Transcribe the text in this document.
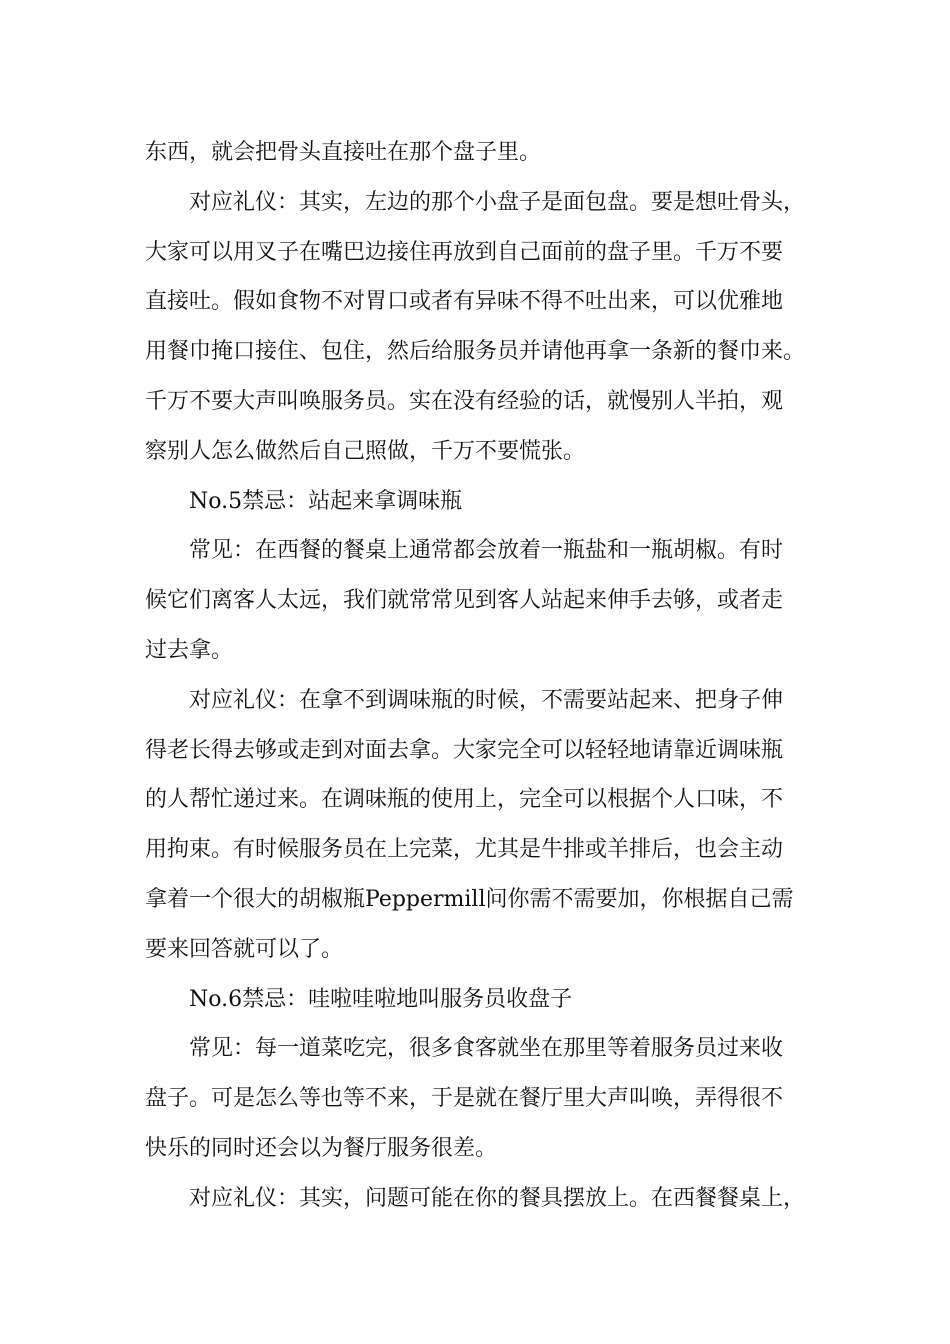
东西，就会把骨头直接吐在那个盘子里。
对应礼仪：其实，左边的那个小盘子是面包盘。要是想吐骨头，
大家可以用叉子在嘴巴边接住再放到自己面前的盘子里。千万不要
直接吐。假如食物不对胃口或者有异味不得不吐出来，可以优雅地
用餐巾掩口接住、包住，然后给服务员并请他再拿一条新的餐巾来。
千万不要大声叫唤服务员。实在没有经验的话，就慢别人半拍，观
察别人怎么做然后自己照做，千万不要慌张。
No.5禁忌：站起来拿调味瓶
常见：在西餐的餐桌上通常都会放着一瓶盐和一瓶胡椒。有时
候它们离客人太远，我们就常常见到客人站起来伸手去够，或者走
过去拿。
对应礼仪：在拿不到调味瓶的时候，不需要站起来、把身子伸
得老长得去够或走到对面去拿。大家完全可以轻轻地请靠近调味瓶
的人帮忙递过来。在调味瓶的使用上，完全可以根据个人口味，不
用拘束。有时候服务员在上完菜，尤其是牛排或羊排后，也会主动
拿着一个很大的胡椒瓶Peppermill问你需不需要加，你根据自己需
要来回答就可以了。
No.6禁忌：哇啦哇啦地叫服务员收盘子
常见：每一道菜吃完，很多食客就坐在那里等着服务员过来收
盘子。可是怎么等也等不来，于是就在餐厅里大声叫唤，弄得很不
快乐的同时还会以为餐厅服务很差。
对应礼仪：其实，问题可能在你的餐具摆放上。在西餐餐桌上，
